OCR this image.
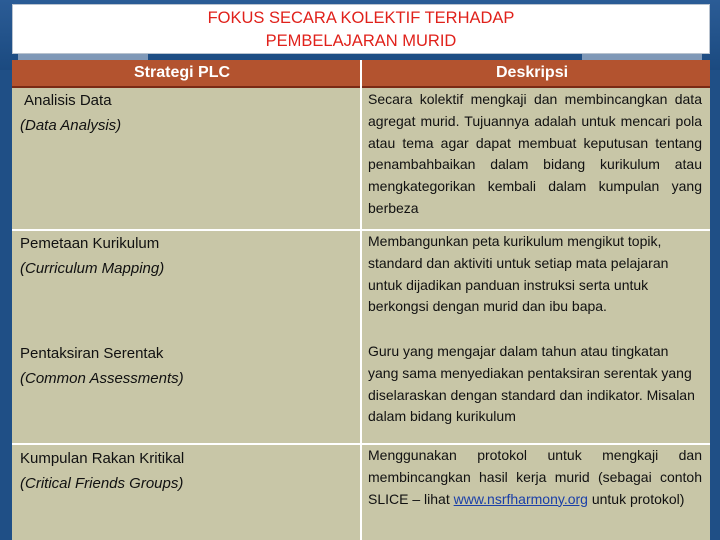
FOKUS SECARA KOLEKTIF TERHADAP
PEMBELAJARAN MURID
Strategi PLC	Deskripsi
Analisis Data
(Data Analysis)
Secara kolektif mengkaji dan membincangkan data agregat murid. Tujuannya adalah untuk mencari pola atau tema agar dapat membuat keputusan tentang penambahbaikan dalam bidang kurikulum atau mengkategorikan kembali dalam kumpulan yang berbeza
Pemetaan Kurikulum
(Curriculum Mapping)
Membangunkan peta kurikulum mengikut topik, standard dan aktiviti untuk setiap mata pelajaran untuk dijadikan panduan instruksi serta untuk berkongsi dengan murid dan ibu bapa.
Pentaksiran Serentak
(Common Assessments)
Guru yang mengajar dalam tahun atau tingkatan yang sama menyediakan pentaksiran serentak yang diselaraskan dengan standard dan indikator. Misalan dalam bidang kurikulum
Kumpulan Rakan Kritikal
(Critical Friends Groups)
Menggunakan protokol untuk mengkaji dan membincangkan hasil kerja murid (sebagai contoh SLICE – lihat www.nsrfharmony.org untuk protokol)
